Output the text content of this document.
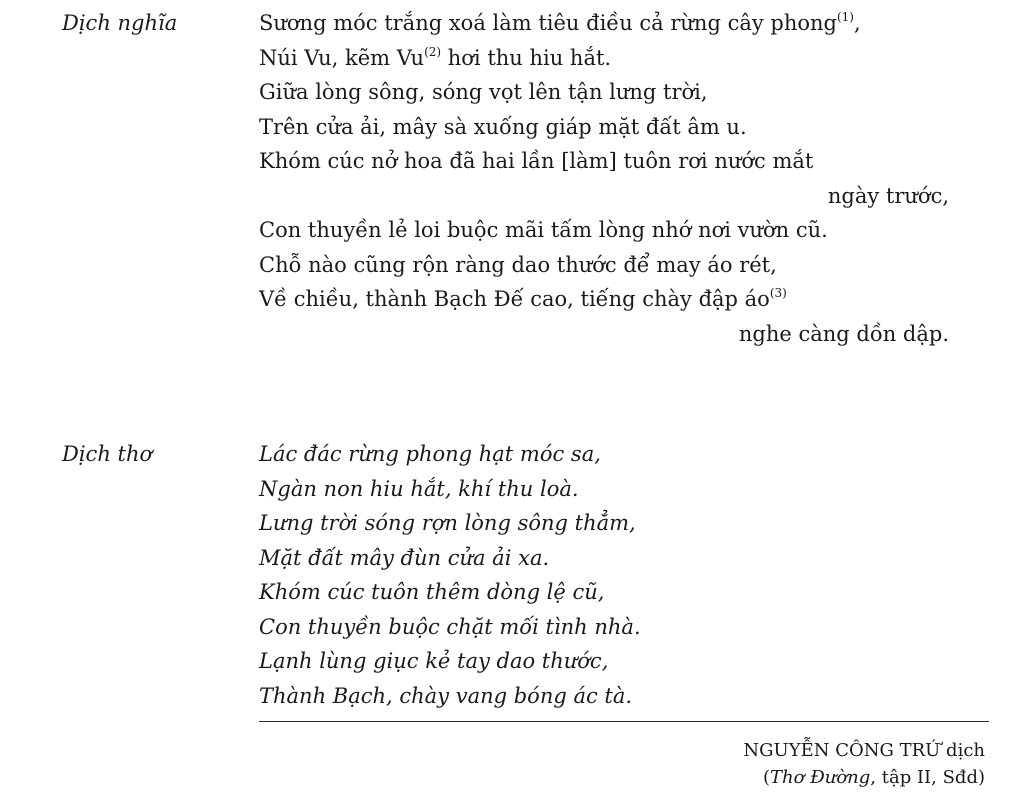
Dịch nghĩa	Sương móc trắng xoá làm tiêu điều cả rừng cây phong$^{(1)}$,
Núi Vu, kẽm Vu$^{(2)}$ hơi thu hiu hắt.
Giữa lòng sông, sóng vọt lên tận lưng trời,
Trên cửa ải, mây sà xuống giáp mặt đất âm u.
Khóm cúc nở hoa đã hai lần [làm] tuôn rơi nước mắt
ngày trước,
Con thuyền lẻ loi buộc mãi tấm lòng nhớ nơi vườn cũ.
Chỗ nào cũng rộn ràng dao thước để may áo rét,
Về chiều, thành Bạch Đế cao, tiếng chày đập $áo^{(3)}$
nghe càng dồn dập.
Dịch thơ	Lác đác rừng phong hạt móc sa,
Ngàn non hiu hắt, khí thu loà.
Lưng trời sóng rợn lòng sông thẳm,
Mặt đất mây đùn cửa ải xa.
Khóm cúc tuôn thêm dòng lệ cũ,
Con thuyền buộc chặt mối tình nhà.
Lạnh lùng giục kẻ tay dao thước,
Thành Bạch, chày vang bóng ác tà.
NGUYỄN CÔNG TRỨ dịch
(Thơ Đường, tập II, Sđd)
